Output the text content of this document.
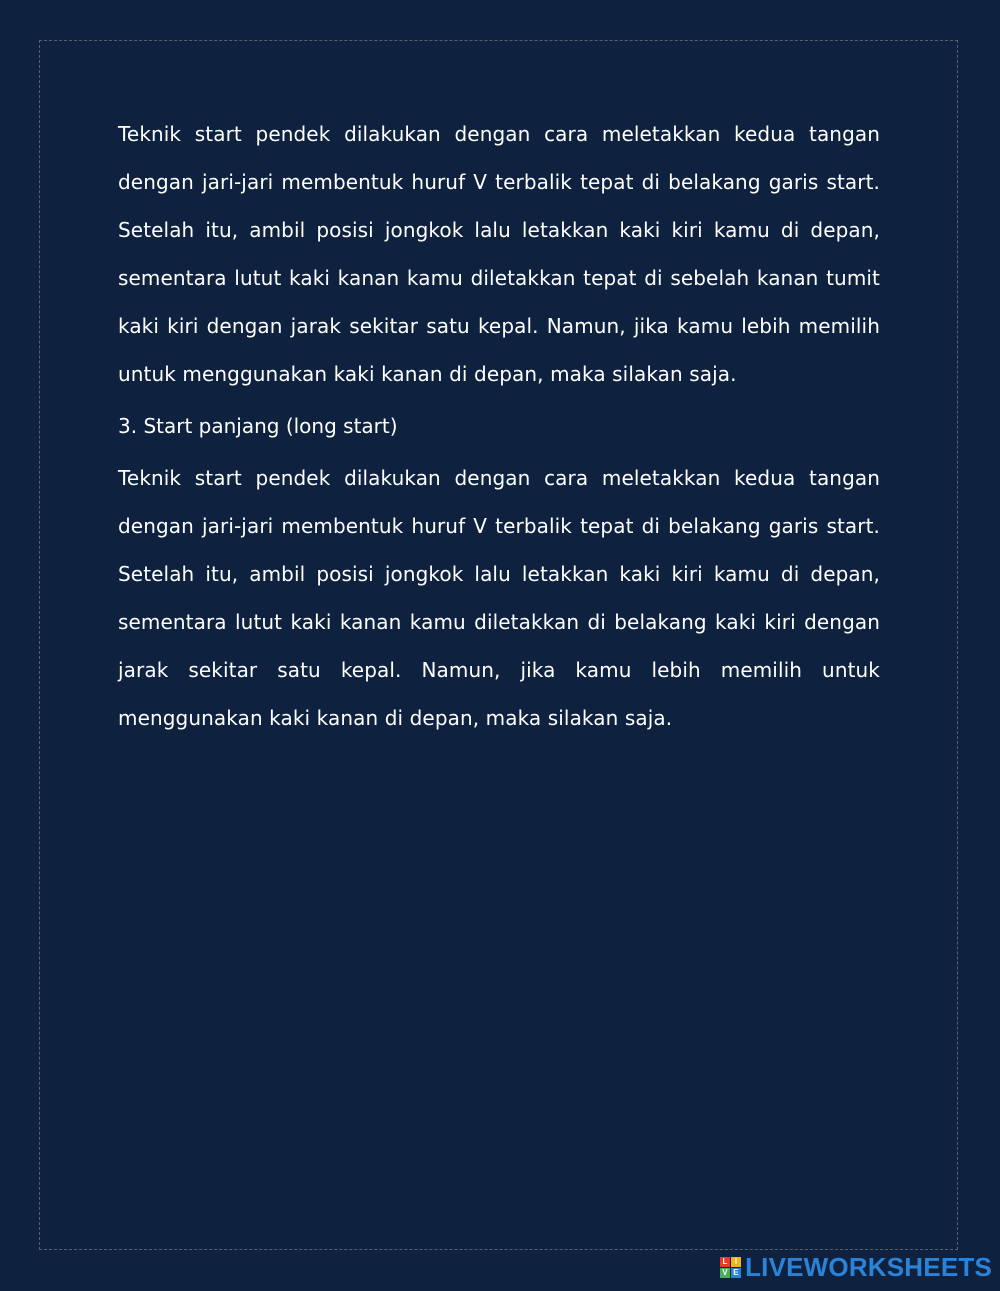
Teknik start pendek dilakukan dengan cara meletakkan kedua tangan dengan jari-jari membentuk huruf V terbalik tepat di belakang garis start. Setelah itu, ambil posisi jongkok lalu letakkan kaki kiri kamu di depan, sementara lutut kaki kanan kamu diletakkan tepat di sebelah kanan tumit kaki kiri dengan jarak sekitar satu kepal. Namun, jika kamu lebih memilih untuk menggunakan kaki kanan di depan, maka silakan saja.

3. Start panjang (long start)

Teknik start pendek dilakukan dengan cara meletakkan kedua tangan dengan jari-jari membentuk huruf V terbalik tepat di belakang garis start. Setelah itu, ambil posisi jongkok lalu letakkan kaki kiri kamu di depan, sementara lutut kaki kanan kamu diletakkan di belakang kaki kiri dengan jarak sekitar satu kepal. Namun, jika kamu lebih memilih untuk menggunakan kaki kanan di depan, maka silakan saja.

L I
V E LIVEWORKSHEETS
